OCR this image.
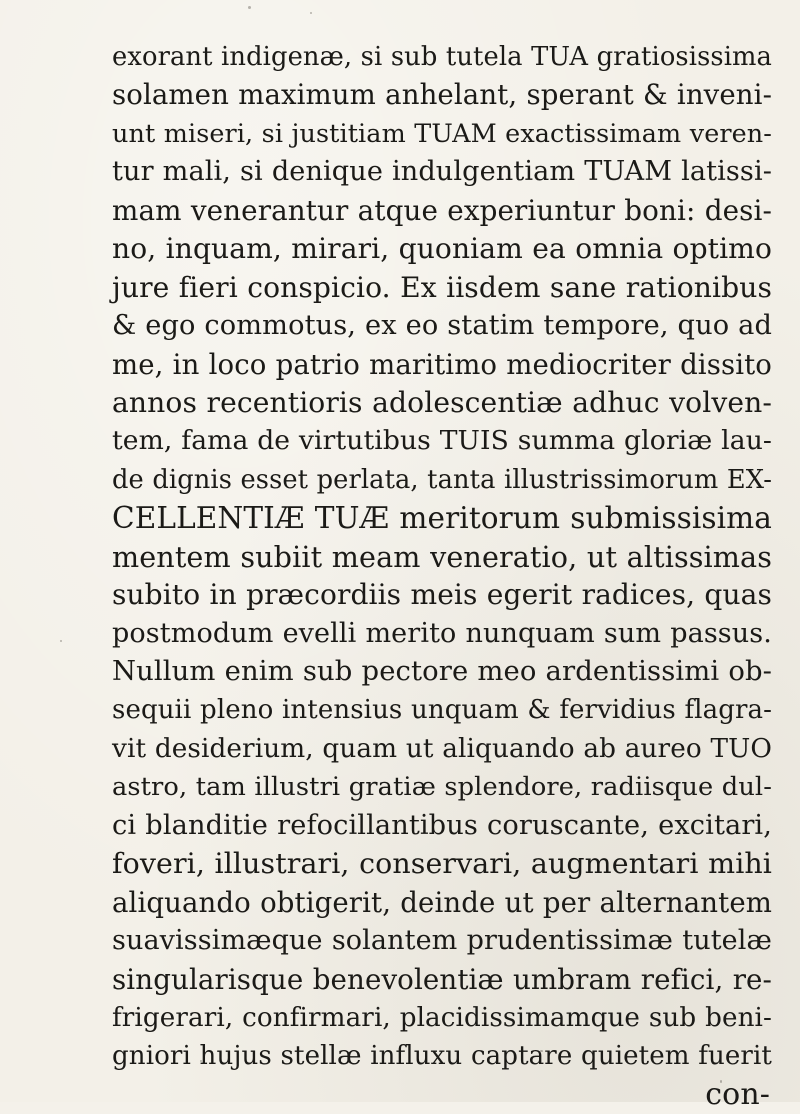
exorant indigenæ, si sub tutela TUA gratiosissima
solamen maximum anhelant, sperant & inveni-
unt miseri, si justitiam TUAM exactissimam veren-
tur mali, si denique indulgentiam TUAM latissi-
mam venerantur atque experiuntur boni: desi-
no, inquam, mirari, quoniam ea omnia optimo
jure fieri conspicio. Ex iisdem sane rationibus
& ego commotus, ex eo statim tempore, quo ad
me, in loco patrio maritimo mediocriter dissito
annos recentioris adolescentiæ adhuc volven-
tem, fama de virtutibus TUIS summa gloriæ lau-
de dignis esset perlata, tanta illustrissimorum EX-
CELLENTIÆ TUÆ meritorum submissisima
mentem subiit meam veneratio, ut altissimas
subito in præcordiis meis egerit radices, quas
postmodum evelli merito nunquam sum passus.
Nullum enim sub pectore meo ardentissimi ob-
sequii pleno intensius unquam & fervidius flagra-
vit desiderium, quam ut aliquando ab aureo TUO
astro, tam illustri gratiæ splendore, radiisque dul-
ci blanditie refocillantibus coruscante, excitari,
foveri, illustrari, conservari, augmentari mihi
aliquando obtigerit, deinde ut per alternantem
suavissimæque solantem prudentissimæ tutelæ
singularisque benevolentiæ umbram refici, re-
frigerari, confirmari, placidissimamque sub beni-
gniori hujus stellæ influxu captare quietem fuerit
con-
